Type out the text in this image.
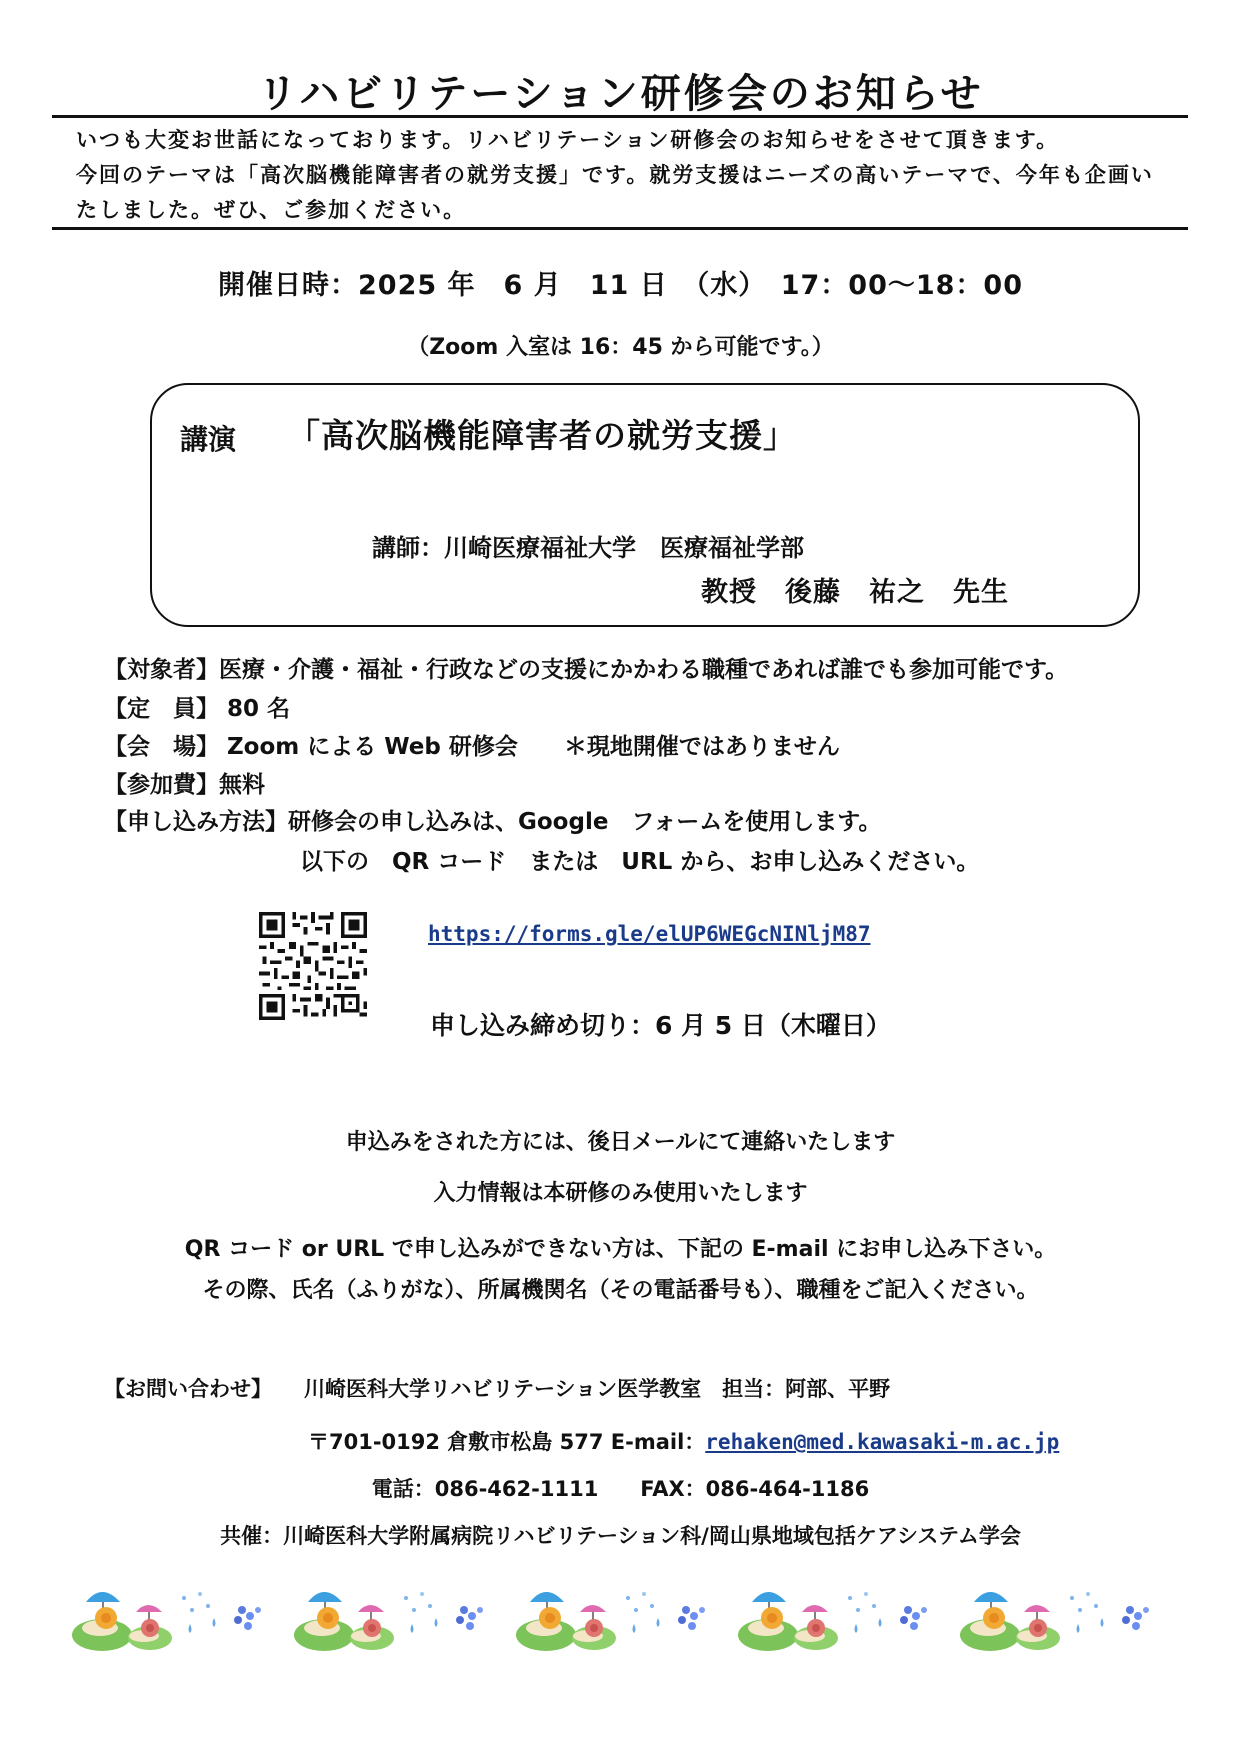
リハビリテーション研修会のお知らせ
いつも大変お世話になっております。リハビリテーション研修会のお知らせをさせて頂きます。
今回のテーマは「高次脳機能障害者の就労支援」です。就労支援はニーズの高いテーマで、今年も企画い
たしました。ぜひ、ご参加ください。
開催日時：2025 年　6 月　11 日　（水）　17：00～18：00
（Zoom 入室は 16：45 から可能です。）
講演 「高次脳機能障害者の就労支援」
講師：川崎医療福祉大学　医療福祉学部
教授　後藤　祐之　先生
【対象者】医療・介護・福祉・行政などの支援にかかわる職種であれば誰でも参加可能です。
【定　員】 80 名
【会　場】 Zoom による Web 研修会　　＊現地開催ではありません
【参加費】無料
【申し込み方法】研修会の申し込みは、Google　フォームを使用します。
以下の　QR コード　または　URL から、お申し込みください。
https://forms.gle/elUP6WEGcNINljM87
申し込み締め切り：6 月 5 日（木曜日）
申込みをされた方には、後日メールにて連絡いたします
入力情報は本研修のみ使用いたします
QR コード or URL で申し込みができない方は、下記の E-mail にお申し込み下さい。
その際、氏名（ふりがな）、所属機関名（その電話番号も）、職種をご記入ください。
【お問い合わせ】 川崎医科大学リハビリテーション医学教室　担当：阿部、平野
〒701-0192 倉敷市松島 577 E-mail：rehaken@med.kawasaki-m.ac.jp
電話：086-462-1111　　FAX：086-464-1186
共催：川崎医科大学附属病院リハビリテーション科/岡山県地域包括ケアシステム学会
